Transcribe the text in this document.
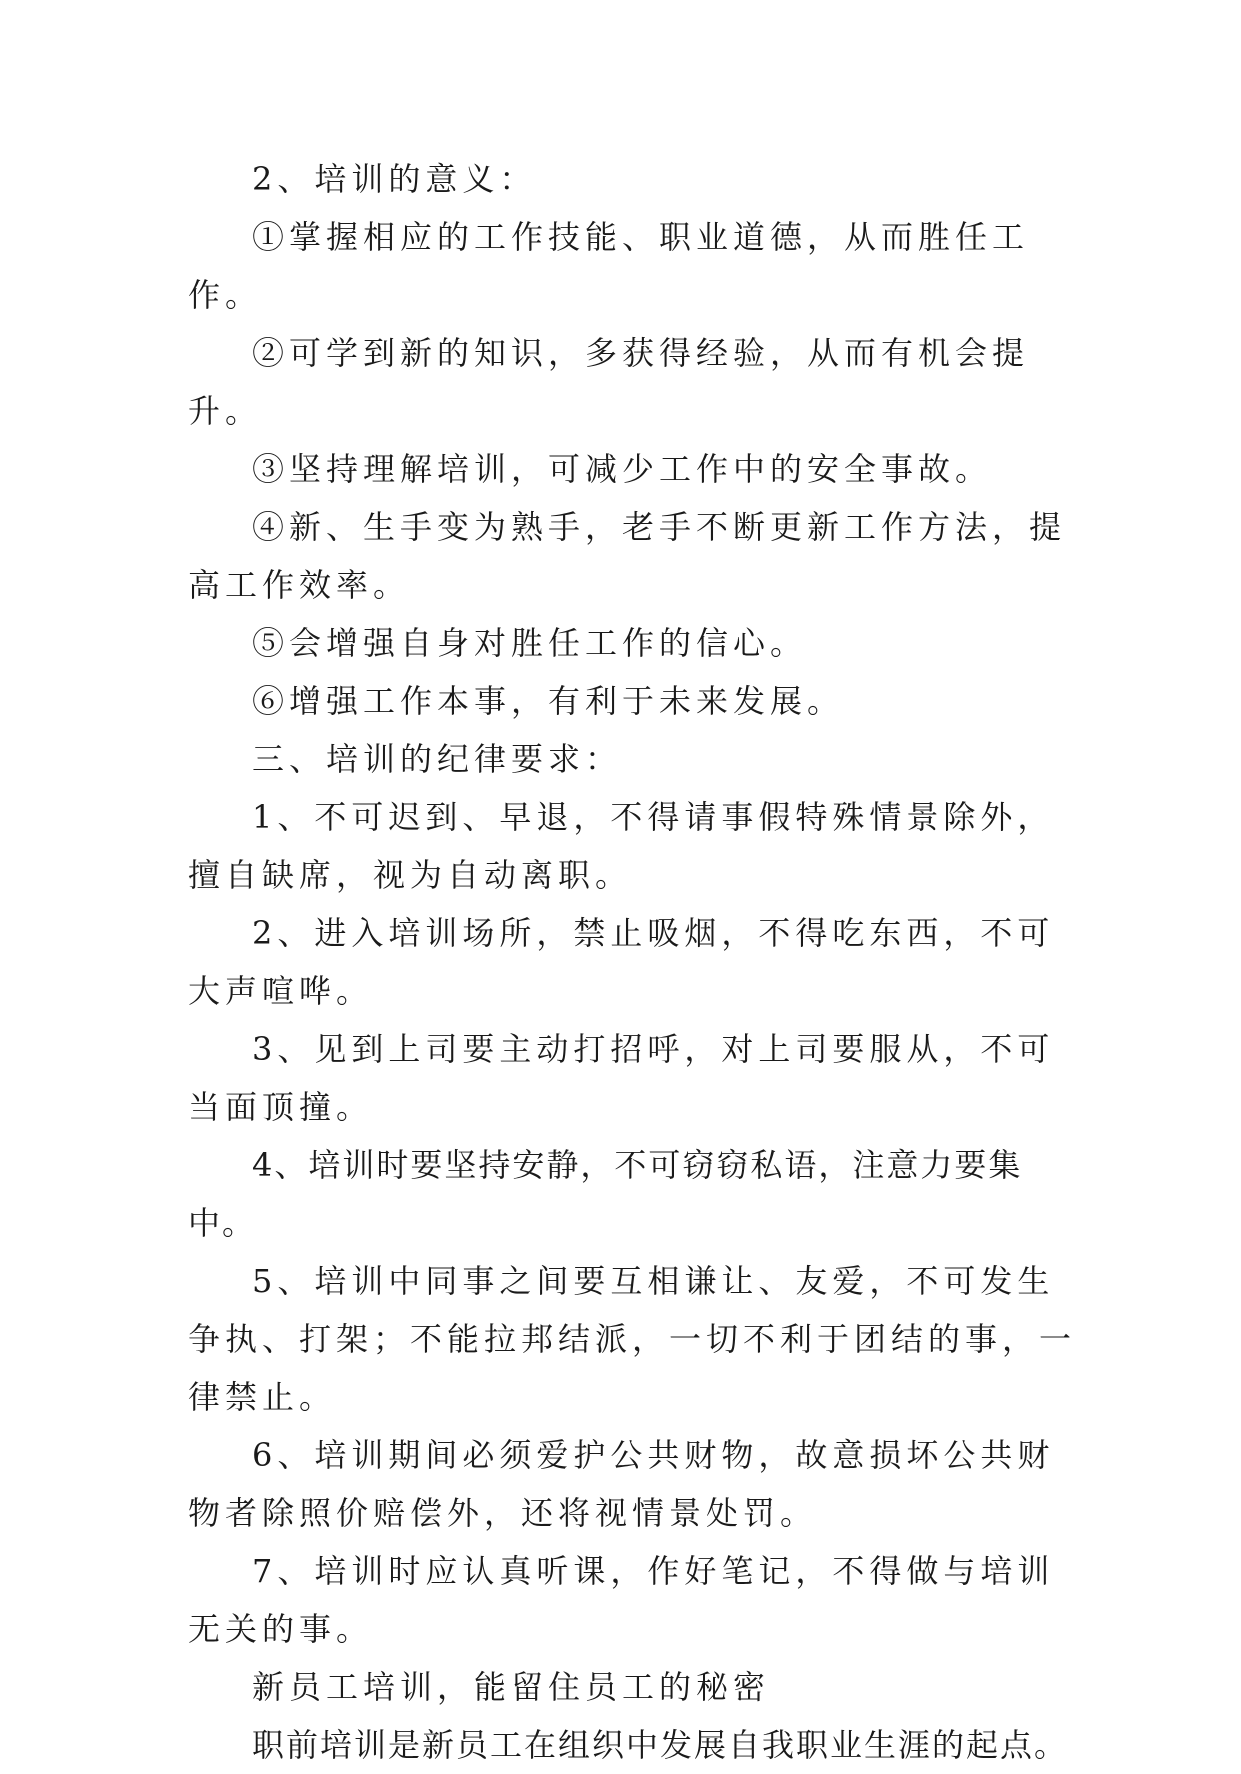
2、培训的意义：

①掌握相应的工作技能、职业道德，从而胜任工作。

②可学到新的知识，多获得经验，从而有机会提升。

③坚持理解培训，可减少工作中的安全事故。

④新、生手变为熟手，老手不断更新工作方法，提高工作效率。

⑤会增强自身对胜任工作的信心。

⑥增强工作本事，有利于未来发展。

三、培训的纪律要求：

1、不可迟到、早退，不得请事假特殊情景除外，擅自缺席，视为自动离职。

2、进入培训场所，禁止吸烟，不得吃东西，不可大声喧哗。

3、见到上司要主动打招呼，对上司要服从，不可当面顶撞。

4、培训时要坚持安静，不可窃窃私语，注意力要集中。

5、培训中同事之间要互相谦让、友爱，不可发生争执、打架；不能拉邦结派，一切不利于团结的事，一律禁止。

6、培训期间必须爱护公共财物，故意损坏公共财物者除照价赔偿外，还将视情景处罚。

7、培训时应认真听课，作好笔记，不得做与培训无关的事。

新员工培训，能留住员工的秘密

职前培训是新员工在组织中发展自我职业生涯的起点。
